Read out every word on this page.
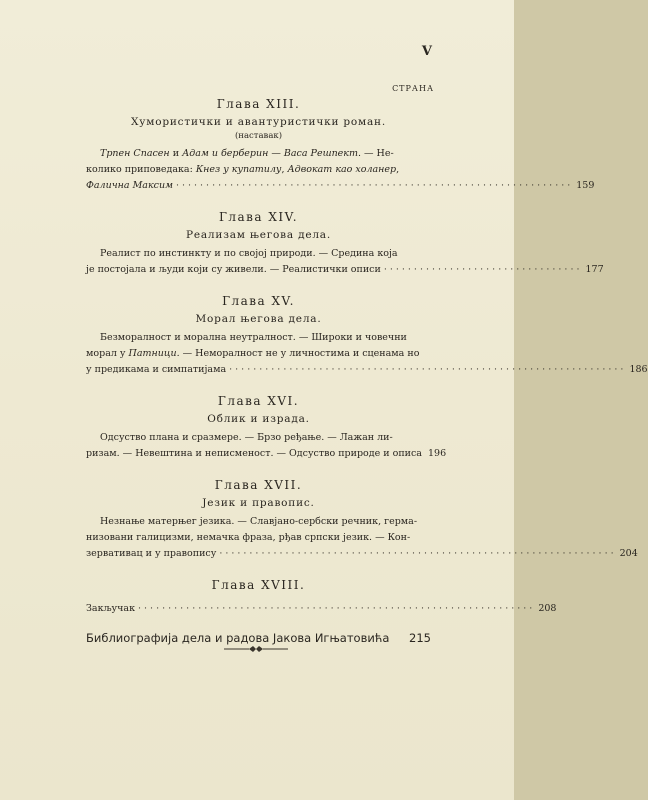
V
СТРАНА

Глава XIII.

Хумористички и авантуристички роман.

(наставак)

Трпен Спасен и Адам и берберин — Васа Решпект. — Не-
колико приповедака: Кнез у купатилу, Адвокат као холанер,
Фалична Максим ·································································· 159

Глава XIV.

Реализам његова дела.

Реалист по инстинкту и по својој природи. — Средина која
је постојала и људи који су живели. — Реалистички описи ································· 177

Глава XV.

Морал његова дела.

Безморалност и морална неутралност. — Широки и човечни
морал у Патници. — Неморалност не у личностима и сценама но
у предикама и симпатијама ·································································· 186

Глава XVI.

Облик и израда.

Одсуство плана и сразмере. — Брзо ређање. — Лажан ли-
ризам. — Невештина и неписменост. — Одсуство природе и описа 196

Глава XVII.

Језик и правопис.

Незнање матерњег језика. — Славјано-сербски речник, герма-
низовани галицизми, немачка фраза, рђав српски језик. — Кон-
зервативац и у правопису ·································································· 204

Глава XVIII.

Закључак ·································································· 208
Библиографија дела и радова Јакова Игњатовића 215
